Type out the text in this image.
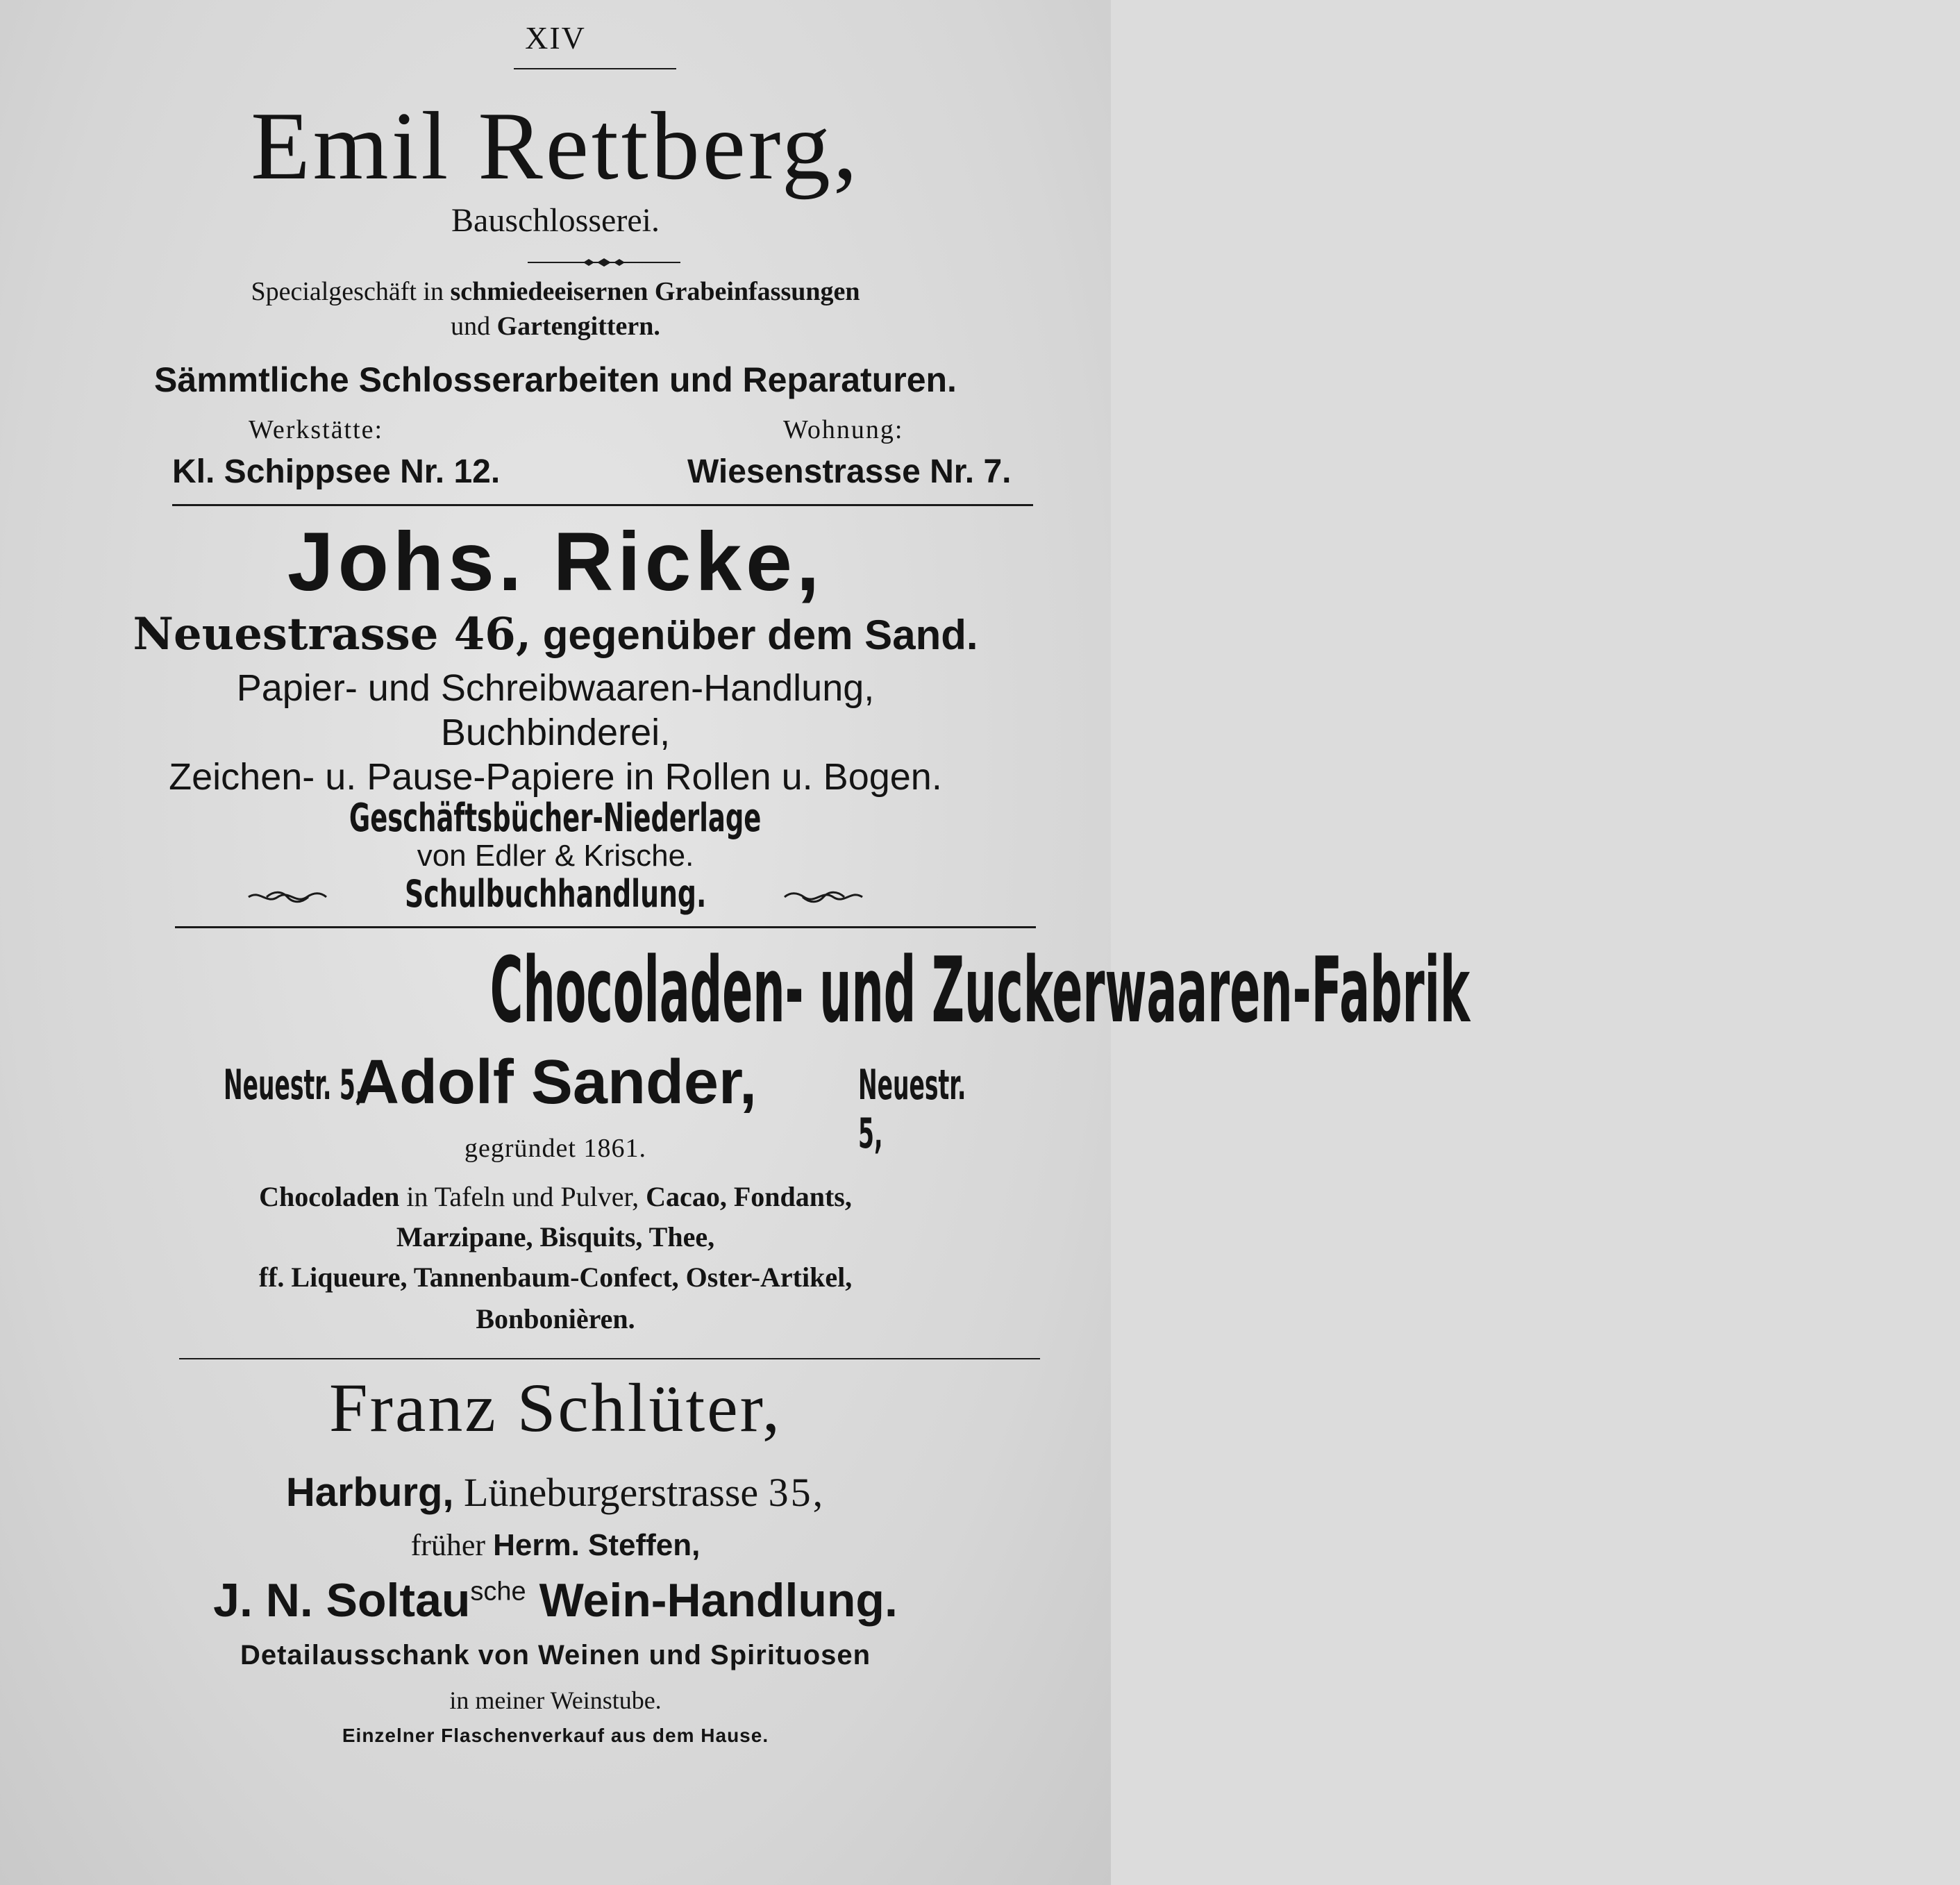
XIV
Emil Rettberg,
Bauschlosserei.
Specialgeschäft in schmiedeeisernen Grabeinfassungen
und Gartengittern.
Sämmtliche Schlosserarbeiten und Reparaturen.
Werkstätte:	Wohnung:
Kl. Schippsee Nr. 12.	Wiesenstrasse Nr. 7.
Johs. Ricke,
Neuestrasse 46, gegenüber dem Sand.
Papier- und Schreibwaaren-Handlung,
Buchbinderei,
Zeichen- u. Pause-Papiere in Rollen u. Bogen.
Geschäftsbücher-Niederlage
von Edler & Krische.
Schulbuchhandlung.
Chocoladen- und Zuckerwaaren-Fabrik
Neuestr. 5,
Adolf Sander,	Neuestr. 5,
gegründet 1861.
Chocoladen in Tafeln und Pulver, Cacao, Fondants,
Marzipane, Bisquits, Thee,
ff. Liqueure, Tannenbaum-Confect, Oster-Artikel,
Bonbonièren.
Franz Schlüter,
Harburg, Lüneburgerstrasse 35,
früher Herm. Steffen,
J. N. Soltau$^{sche}$ Wein-Handlung.
Detailausschank von Weinen und Spirituosen
in meiner Weinstube.
Einzelner Flaschenverkauf aus dem Hause.
